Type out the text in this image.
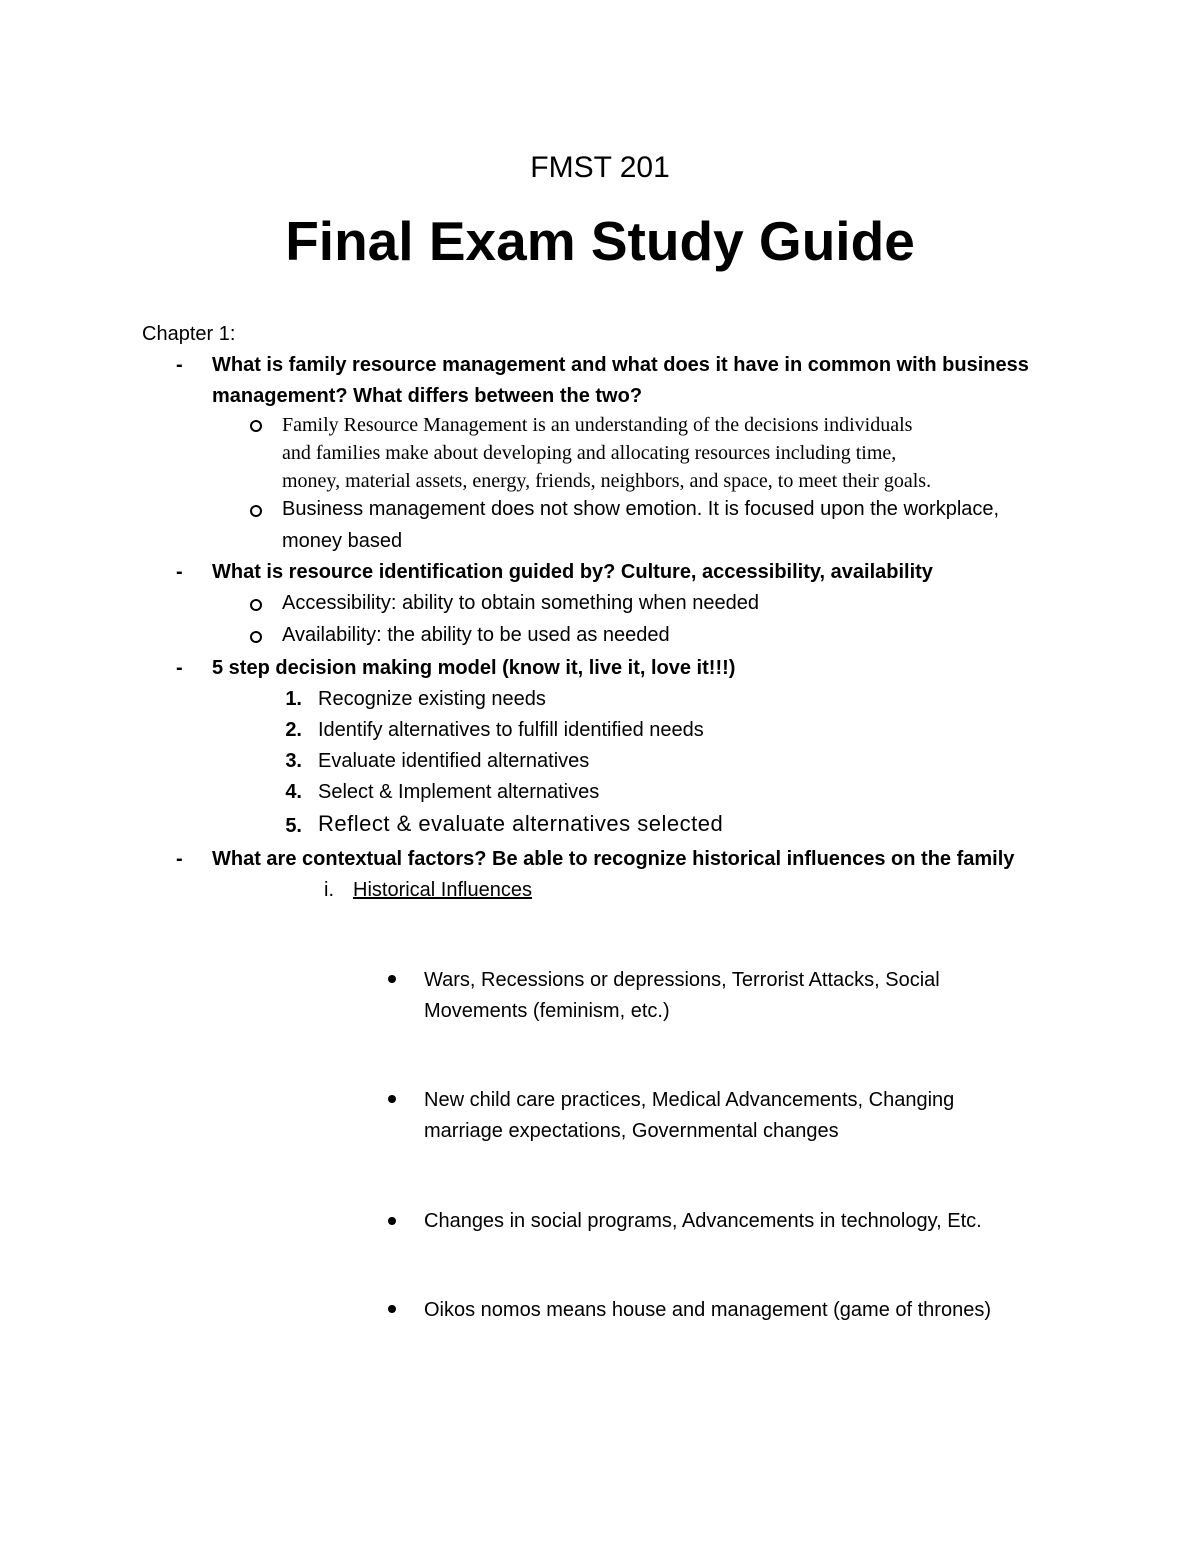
FMST 201
Final Exam Study Guide
Chapter 1:
- What is family resource management and what does it have in common with business
management? What differs between the two?
Family Resource Management is an understanding of the decisions individuals
and families make about developing and allocating resources including time,
money, material assets, energy, friends, neighbors, and space, to meet their goals.
Business management does not show emotion. It is focused upon the workplace,
money based
- What is resource identification guided by? Culture, accessibility, availability
Accessibility: ability to obtain something when needed
Availability: the ability to be used as needed
- 5 step decision making model (know it, live it, love it!!!)
1. Recognize existing needs
2. Identify alternatives to fulfill identified needs
3. Evaluate identified alternatives
4. Select & Implement alternatives
5. Reflect & evaluate alternatives selected
- What are contextual factors? Be able to recognize historical influences on the family
i. Historical Influences
Wars, Recessions or depressions, Terrorist Attacks, Social
Movements (feminism, etc.)
New child care practices, Medical Advancements, Changing
marriage expectations, Governmental changes
Changes in social programs, Advancements in technology, Etc.
Oikos nomos means house and management (game of thrones)
